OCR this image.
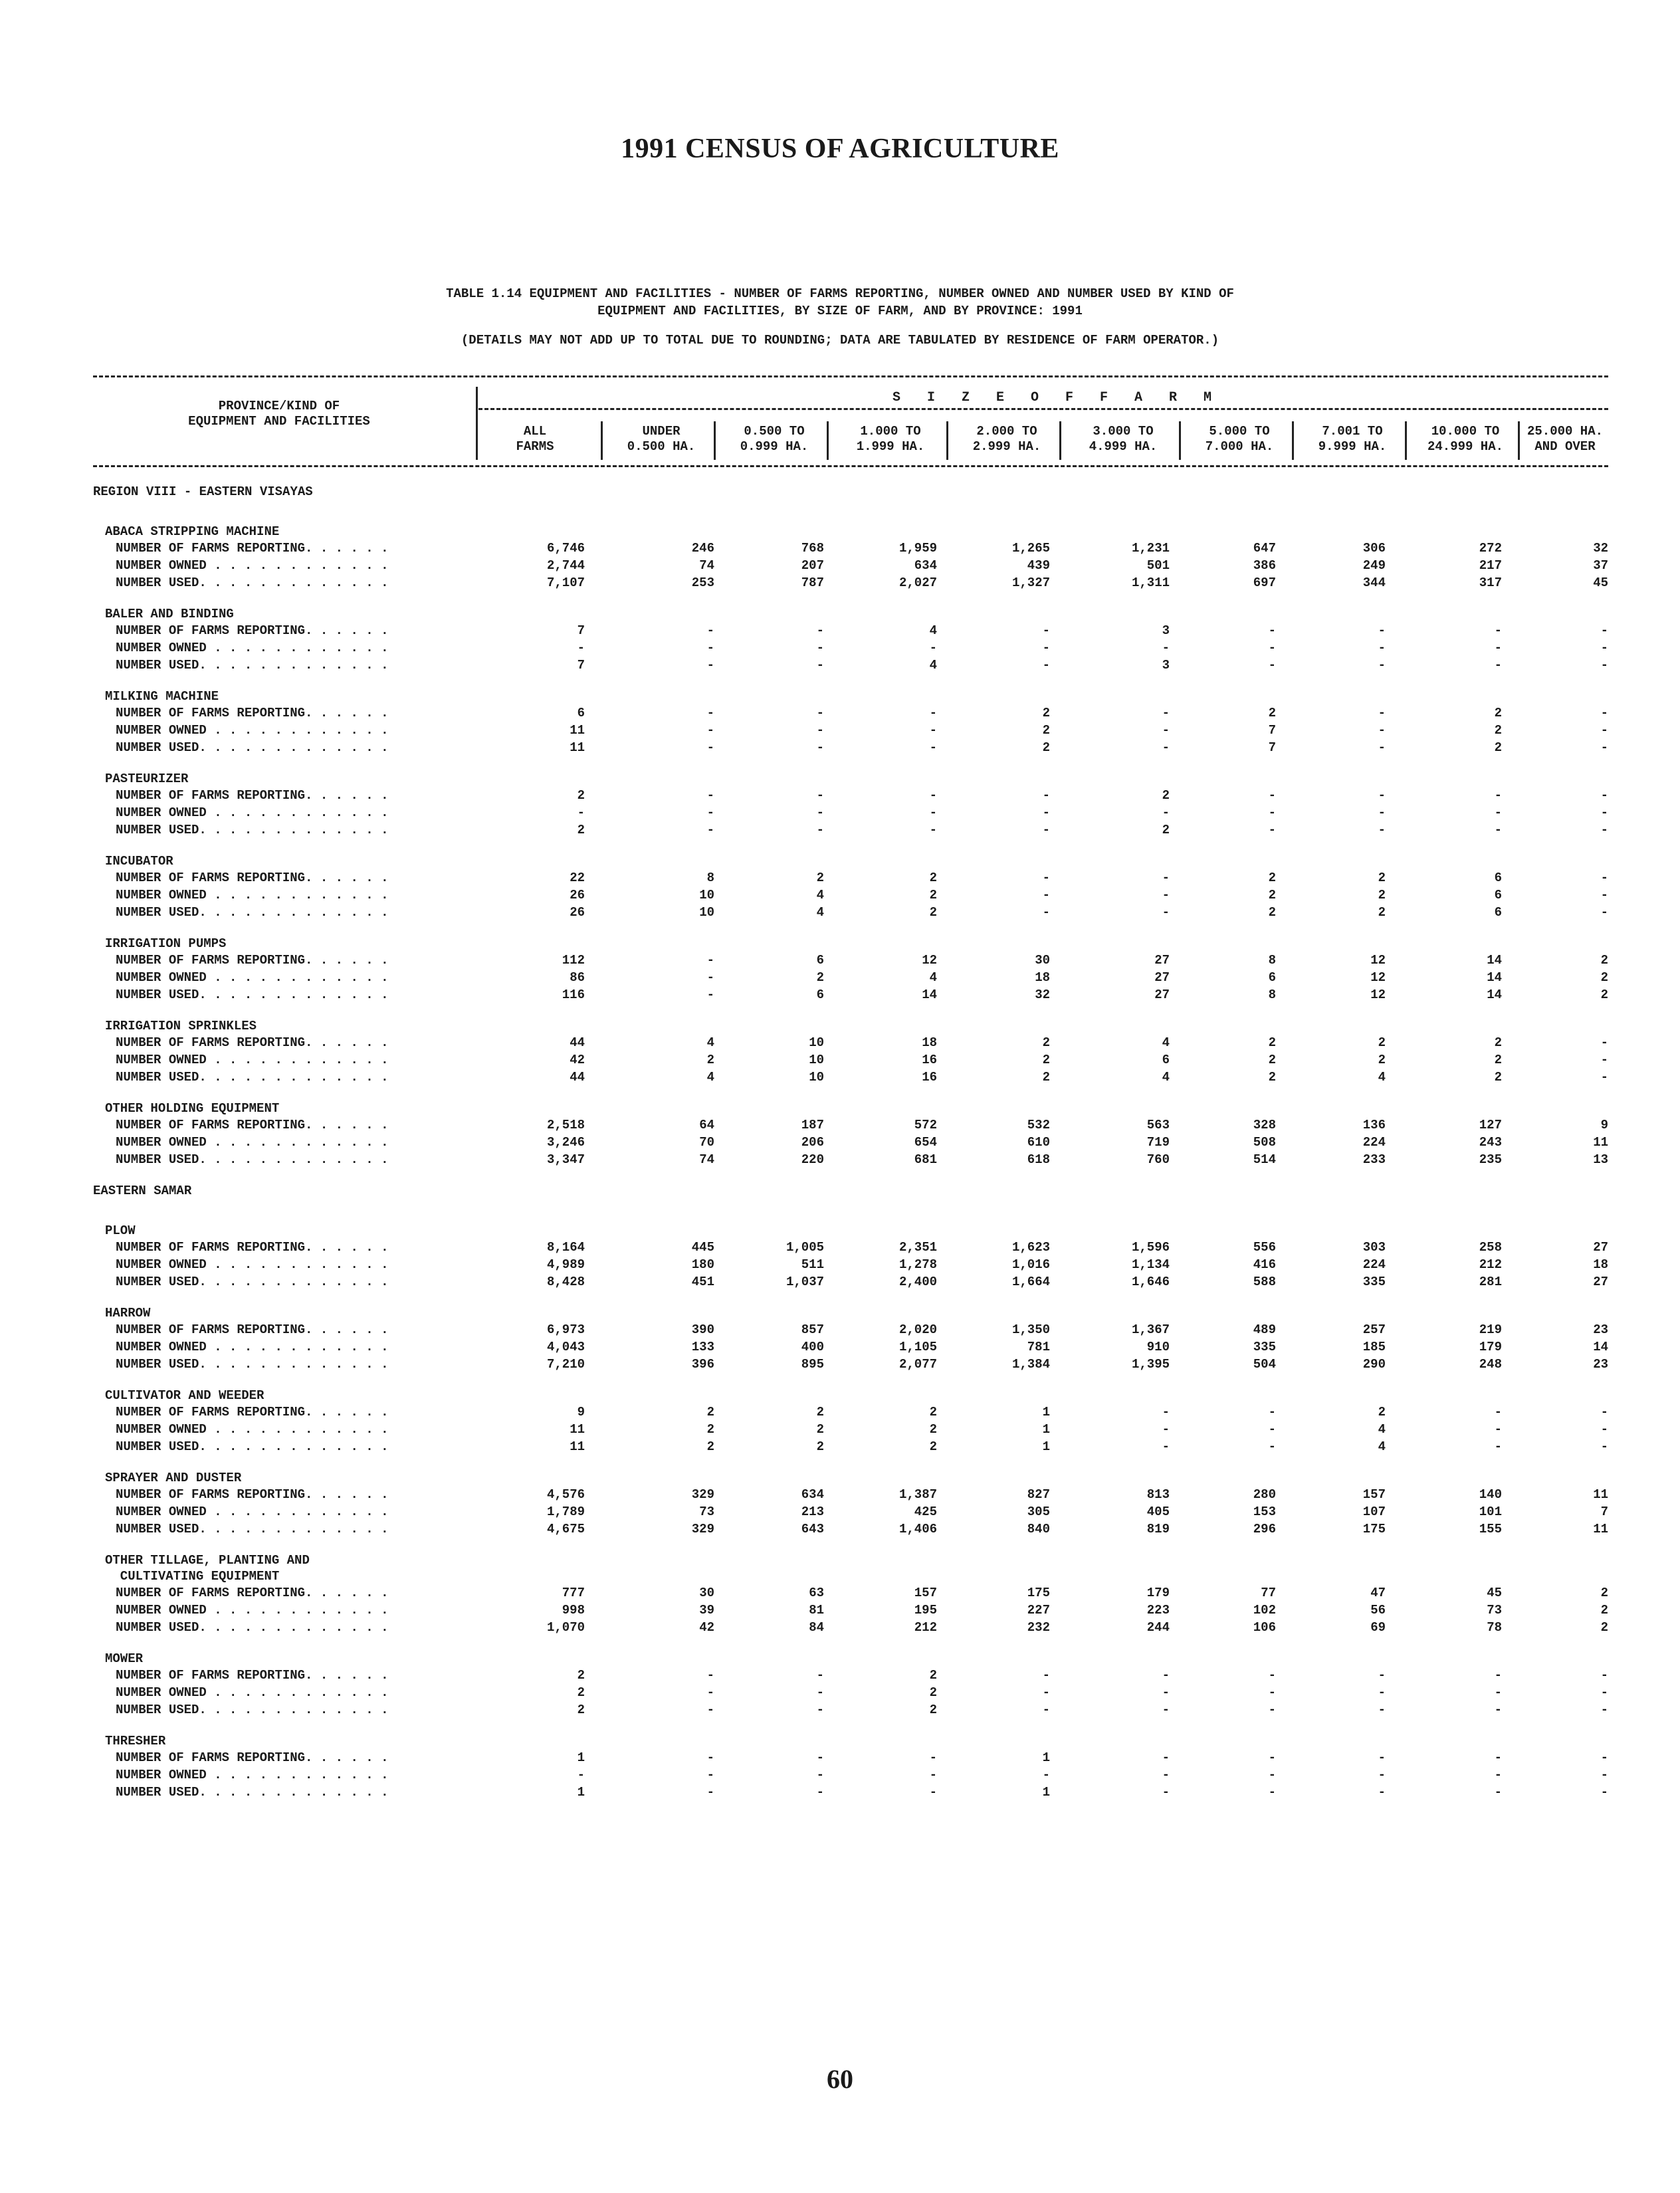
1991 CENSUS OF AGRICULTURE
TABLE 1.14 EQUIPMENT AND FACILITIES - NUMBER OF FARMS REPORTING, NUMBER OWNED AND NUMBER USED BY KIND OF
EQUIPMENT AND FACILITIES, BY SIZE OF FARM, AND BY PROVINCE: 1991
(DETAILS MAY NOT ADD UP TO TOTAL DUE TO ROUNDING; DATA ARE TABULATED BY RESIDENCE OF FARM OPERATOR.)
PROVINCE/KIND OF
EQUIPMENT AND FACILITIES
S I Z E O F F A R M
ALL
FARMS
UNDER
0.500 HA.
0.500 TO
0.999 HA.
1.000 TO
1.999 HA.
2.000 TO
2.999 HA.
3.000 TO
4.999 HA.
5.000 TO
7.000 HA.
7.001 TO
9.999 HA.
10.000 TO
24.999 HA.
25.000 HA.
AND OVER
REGION VIII - EASTERN VISAYAS
ABACA STRIPPING MACHINE
NUMBER OF FARMS REPORTING. . . . . .	6,746	246	768	1,959	1,265	1,231	647	306	272	32
NUMBER OWNED . . . . . . . . . . . .	2,744	74	207	634	439	501	386	249	217	37
NUMBER USED. . . . . . . . . . . . .	7,107	253	787	2,027	1,327	1,311	697	344	317	45
BALER AND BINDING
NUMBER OF FARMS REPORTING. . . . . .	7	-	-	4	-	3	-	-	-	-
NUMBER OWNED . . . . . . . . . . . .	-	-	-	-	-	-	-	-	-	-
NUMBER USED. . . . . . . . . . . . .	7	-	-	4	-	3	-	-	-	-
MILKING MACHINE
NUMBER OF FARMS REPORTING. . . . . .	6	-	-	-	2	-	2	-	2	-
NUMBER OWNED . . . . . . . . . . . .	11	-	-	-	2	-	7	-	2	-
NUMBER USED. . . . . . . . . . . . .	11	-	-	-	2	-	7	-	2	-
PASTEURIZER
NUMBER OF FARMS REPORTING. . . . . .	2	-	-	-	-	2	-	-	-	-
NUMBER OWNED . . . . . . . . . . . .	-	-	-	-	-	-	-	-	-	-
NUMBER USED. . . . . . . . . . . . .	2	-	-	-	-	2	-	-	-	-
INCUBATOR
NUMBER OF FARMS REPORTING. . . . . .	22	8	2	2	-	-	2	2	6	-
NUMBER OWNED . . . . . . . . . . . .	26	10	4	2	-	-	2	2	6	-
NUMBER USED. . . . . . . . . . . . .	26	10	4	2	-	-	2	2	6	-
IRRIGATION PUMPS
NUMBER OF FARMS REPORTING. . . . . .	112	-	6	12	30	27	8	12	14	2
NUMBER OWNED . . . . . . . . . . . .	86	-	2	4	18	27	6	12	14	2
NUMBER USED. . . . . . . . . . . . .	116	-	6	14	32	27	8	12	14	2
IRRIGATION SPRINKLES
NUMBER OF FARMS REPORTING. . . . . .	44	4	10	18	2	4	2	2	2	-
NUMBER OWNED . . . . . . . . . . . .	42	2	10	16	2	6	2	2	2	-
NUMBER USED. . . . . . . . . . . . .	44	4	10	16	2	4	2	4	2	-
OTHER HOLDING EQUIPMENT
NUMBER OF FARMS REPORTING. . . . . .	2,518	64	187	572	532	563	328	136	127	9
NUMBER OWNED . . . . . . . . . . . .	3,246	70	206	654	610	719	508	224	243	11
NUMBER USED. . . . . . . . . . . . .	3,347	74	220	681	618	760	514	233	235	13
EASTERN SAMAR
PLOW
NUMBER OF FARMS REPORTING. . . . . .	8,164	445	1,005	2,351	1,623	1,596	556	303	258	27
NUMBER OWNED . . . . . . . . . . . .	4,989	180	511	1,278	1,016	1,134	416	224	212	18
NUMBER USED. . . . . . . . . . . . .	8,428	451	1,037	2,400	1,664	1,646	588	335	281	27
HARROW
NUMBER OF FARMS REPORTING. . . . . .	6,973	390	857	2,020	1,350	1,367	489	257	219	23
NUMBER OWNED . . . . . . . . . . . .	4,043	133	400	1,105	781	910	335	185	179	14
NUMBER USED. . . . . . . . . . . . .	7,210	396	895	2,077	1,384	1,395	504	290	248	23
CULTIVATOR AND WEEDER
NUMBER OF FARMS REPORTING. . . . . .	9	2	2	2	1	-	-	2	-	-
NUMBER OWNED . . . . . . . . . . . .	11	2	2	2	1	-	-	4	-	-
NUMBER USED. . . . . . . . . . . . .	11	2	2	2	1	-	-	4	-	-
SPRAYER AND DUSTER
NUMBER OF FARMS REPORTING. . . . . .	4,576	329	634	1,387	827	813	280	157	140	11
NUMBER OWNED . . . . . . . . . . . .	1,789	73	213	425	305	405	153	107	101	7
NUMBER USED. . . . . . . . . . . . .	4,675	329	643	1,406	840	819	296	175	155	11
OTHER TILLAGE, PLANTING AND
CULTIVATING EQUIPMENT
NUMBER OF FARMS REPORTING. . . . . .	777	30	63	157	175	179	77	47	45	2
NUMBER OWNED . . . . . . . . . . . .	998	39	81	195	227	223	102	56	73	2
NUMBER USED. . . . . . . . . . . . .	1,070	42	84	212	232	244	106	69	78	2
MOWER
NUMBER OF FARMS REPORTING. . . . . .	2	-	-	2	-	-	-	-	-	-
NUMBER OWNED . . . . . . . . . . . .	2	-	-	2	-	-	-	-	-	-
NUMBER USED. . . . . . . . . . . . .	2	-	-	2	-	-	-	-	-	-
THRESHER
NUMBER OF FARMS REPORTING. . . . . .	1	-	-	-	1	-	-	-	-	-
NUMBER OWNED . . . . . . . . . . . .	-	-	-	-	-	-	-	-	-	-
NUMBER USED. . . . . . . . . . . . .	1	-	-	-	1	-	-	-	-	-
60
